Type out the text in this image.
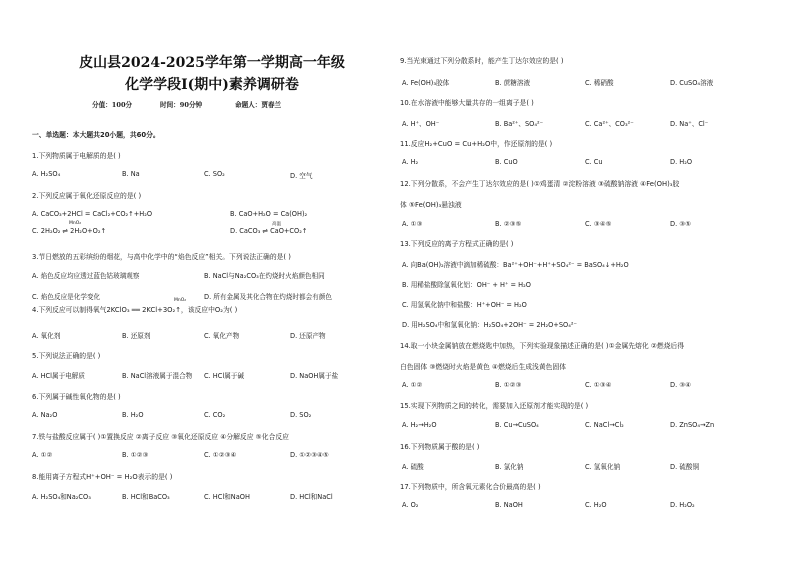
皮山县2024-2025学年第一学期高一年级
化学学段Ⅰ(期中)素养调研卷
分值：100分	时间：90分钟	命题人：贾春兰
一、单选题：本大题共20小题，共60分。
1.下列物质属于电解质的是( )
A. H₂SO₄	B. Na	C. SO₂	D. 空气
2.下列反应属于氧化还原反应的是( )
A. CaCO₃+2HCl = CaCl₂+CO₂↑+H₂O	B. CaO+H₂O = Ca(OH)₂
C. 2H₂O₂ ⇌ 2H₂O+O₂↑
MnO₂
D. CaCO₃ ⇌ CaO+CO₂↑
高温
3.节日燃放的五彩缤纷的烟花，与高中化学中的“焰色反应”相关。下列说法正确的是( )
A. 焰色反应均应透过蓝色钴玻璃观察	B. NaCl与Na₂CO₃在灼烧时火焰颜色相同
C. 焰色反应是化学变化	D. 所有金属及其化合物在灼烧时都会有颜色
4.下列反应可以制得氧气2KClO₃ ══ 2KCl+3O₂↑，该反应中O₂为( )
MnO₂
A. 氧化剂	B. 还原剂	C. 氧化产物	D. 还原产物
5.下列说法正确的是( )
A. HCl属于电解质	B. NaCl溶液属于混合物 C. HCl属于碱	D. NaOH属于盐
6.下列属于碱性氧化物的是( )
A. Na₂O	B. H₂O	C. CO₂	D. SO₂
7.铁与盐酸反应属于( )①置换反应 ②离子反应 ③氧化还原反应 ④分解反应 ⑤化合反应
A. ①②	B. ①②③	C. ①②③④	D. ①②③④⑤
8.能用离子方程式H⁺+OH⁻ = H₂O表示的是( )
A. H₂SO₄和Na₂CO₃	B. HCl和BaCO₃	C. HCl和NaOH	D. HCl和NaCl
9.当光束通过下列分散系时，能产生丁达尔效应的是( )
A. Fe(OH)₃胶体	B. 蔗糖溶液	C. 稀硝酸	D. CuSO₄溶液
10.在水溶液中能够大量共存的一组离子是( )
A. H⁺、OH⁻	B. Ba²⁺、SO₄²⁻	C. Ca²⁺、CO₃²⁻	D. Na⁺、Cl⁻
11.反应H₂+CuO = Cu+H₂O中，作还原剂的是( )
A. H₂	B. CuO	C. Cu	D. H₂O
12.下列分散系，不会产生丁达尔效应的是( )①鸡蛋清 ②淀粉溶液 ③硫酸钠溶液 ④Fe(OH)₃胶
体 ⑤Fe(OH)₃悬浊液
A. ①③	B. ②③⑤	C. ③④⑤	D. ③⑤
13.下列反应的离子方程式正确的是( )
A. 向Ba(OH)₂溶液中滴加稀硫酸：Ba²⁺+OH⁻+H⁺+SO₄²⁻ = BaSO₄↓+H₂O
B. 用稀盐酸除氢氧化铝：OH⁻ + H⁺ = H₂O
C. 用氢氧化钠中和盐酸：H⁺+OH⁻ = H₂O
D. 用H₂SO₄中和氢氧化钠：H₂SO₄+2OH⁻ = 2H₂O+SO₄²⁻
14.取一小块金属钠放在燃烧匙中加热，下列实验现象描述正确的是( )①金属先熔化 ②燃烧后得
白色固体 ③燃烧时火焰是黄色 ④燃烧后生成浅黄色固体
A. ①②	B. ①②③	C. ①③④	D. ③④
15.实现下列物质之间的转化，需要加入还原剂才能实现的是( )
A. H₂→H₂O	B. Cu→CuSO₄	C. NaCl→Cl₂	D. ZnSO₄→Zn
16.下列物质属于酸的是( )
A. 硫酸	B. 氯化钠	C. 氢氧化钠	D. 硫酸铜
17.下列物质中，所含氧元素化合价最高的是( )
A. O₂	B. NaOH	C. H₂O	D. H₂O₂
